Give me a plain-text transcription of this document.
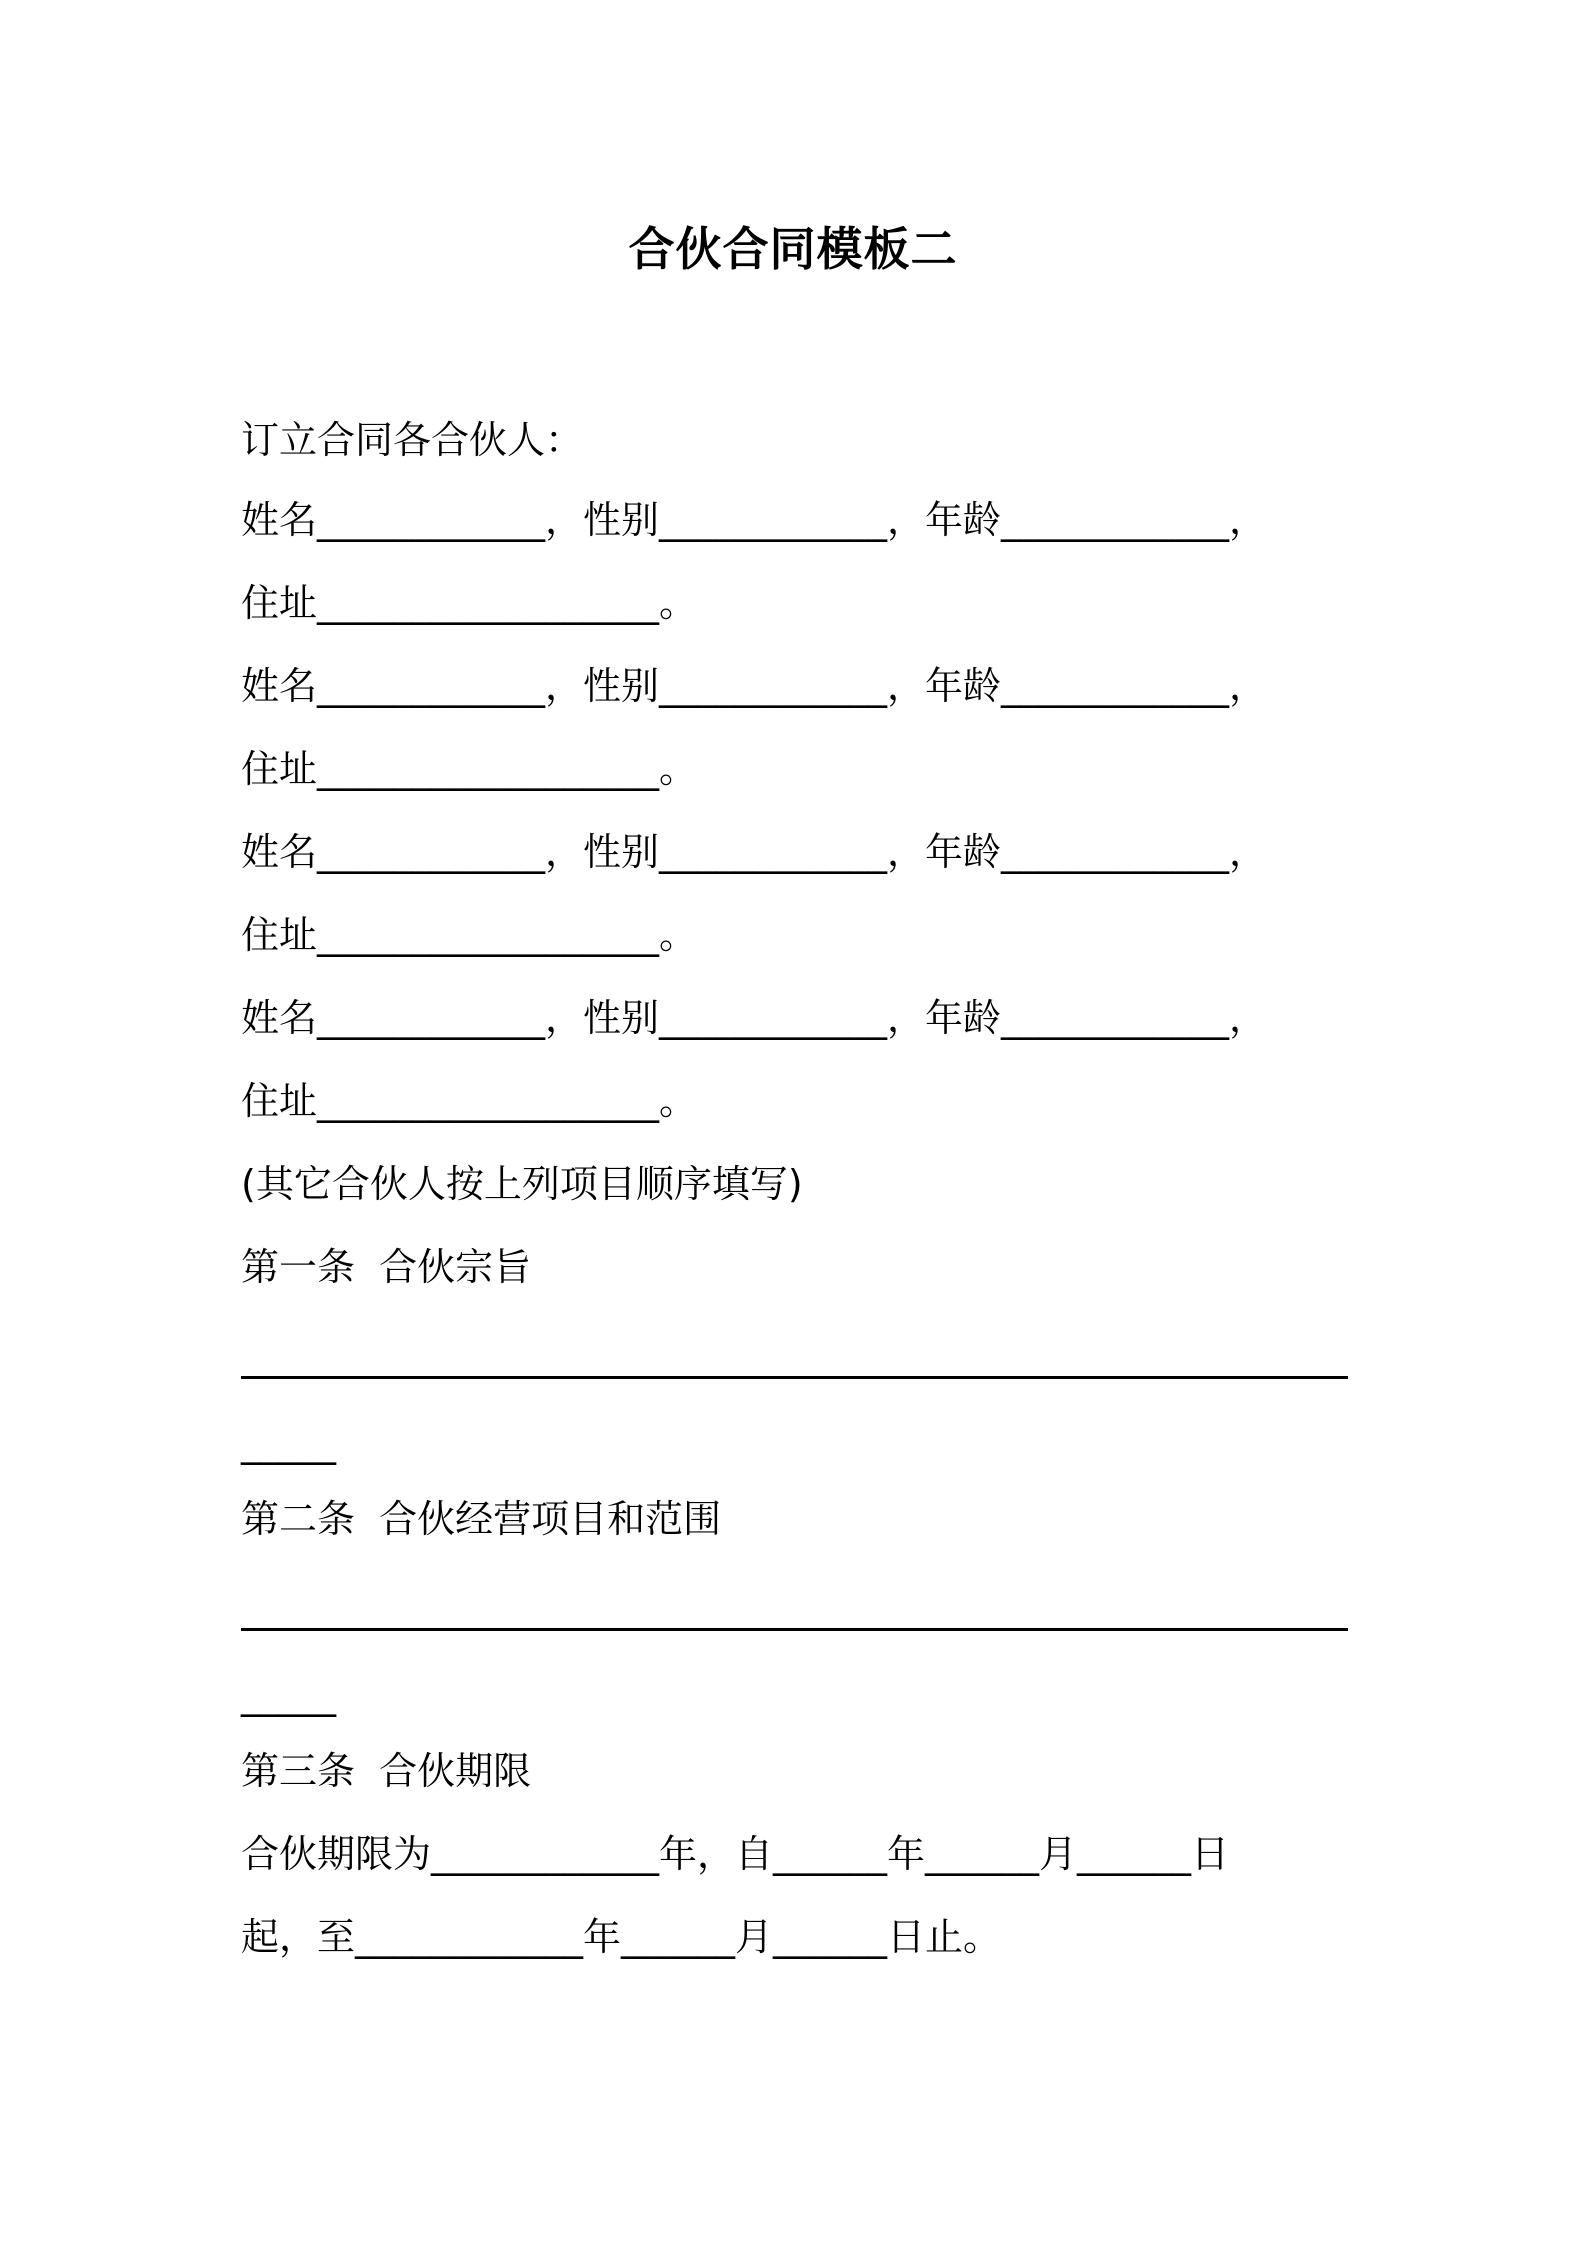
合伙合同模板二
订立合同各合伙人：
姓名____________，性别____________，年龄____________，
住址__________________。
姓名____________，性别____________，年龄____________，
住址__________________。
姓名____________，性别____________，年龄____________，
住址__________________。
姓名____________，性别____________，年龄____________，
住址__________________。
(其它合伙人按上列项目顺序填写)
第一条  合伙宗旨
_____
第二条  合伙经营项目和范围
_____
第三条  合伙期限
合伙期限为____________年，自______年______月______日
起，至____________年______月______日止。
